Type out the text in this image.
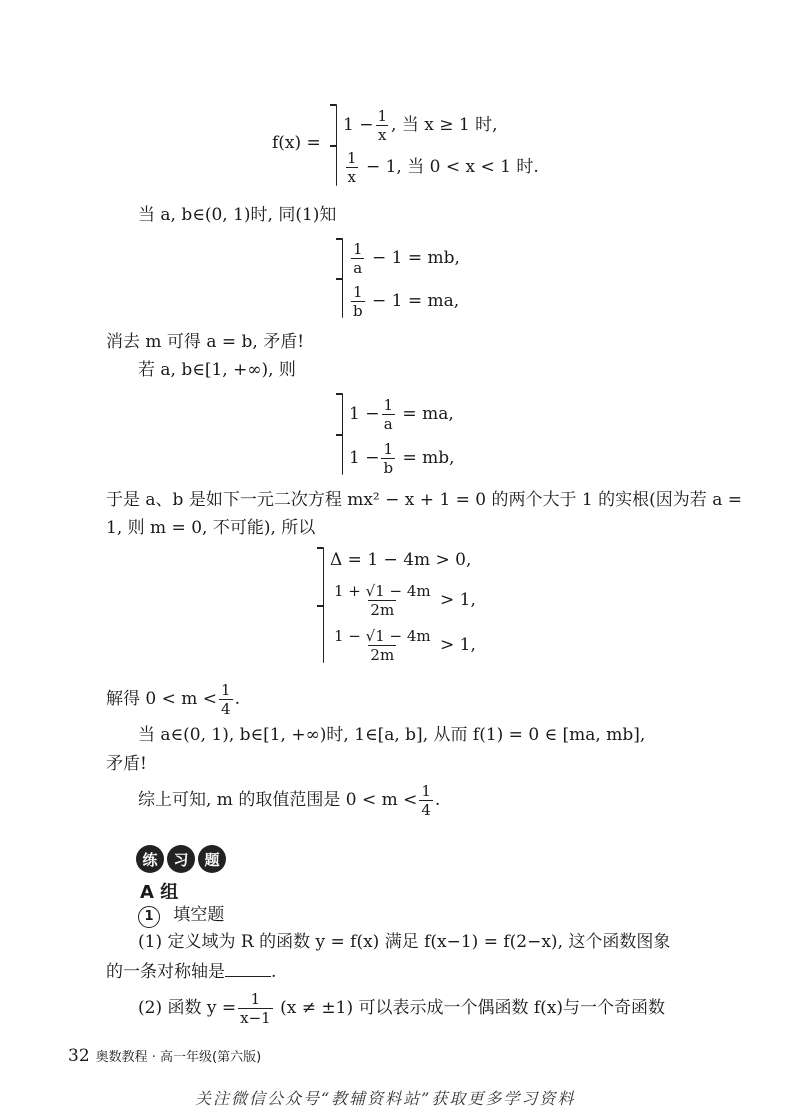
f(x) =
$1 - \frac{1}{x}$ , 当 x ≥ 1 时,
$\frac{1}{x} - 1$, 当 0 < x < 1 时.
当 a, b∈(0, 1)时, 同(1)知
$\frac{1}{a} - 1$ = mb,
$\frac{1}{b} - 1$ = ma,
消去 m 可得 a = b, 矛盾!
若 a, b∈[1, +∞), 则
$1 - \frac{1}{a}$ = ma,
$1 - \frac{1}{b}$ = mb,
于是 a、b 是如下一元二次方程 mx² − x + 1 = 0 的两个大于 1 的实根(因为若 a =
1, 则 m = 0, 不可能), 所以
Δ = 1 − 4m > 0,
$\frac{1 + √1 - 4m}{2m} > 1$,
$\frac{1 - √1 - 4m}{2m} > 1$,
解得 $0 < m < \frac{1}{4}$ .
当 a∈(0, 1), b∈[1, +∞)时, 1∈[a, b], 从而 f(1) = 0 ∈ [ma, mb],
矛盾!
综上可知, m 的取值范围是 $0 < m < \frac{1}{4}$ .
练 习 题
A 组
1 填空题
(1) 定义域为 R 的函数 y = f(x) 满足 f(x−1) = f(2−x), 这个函数图象
的一条对称轴是	.
(2) 函数 $y = \frac{1}{x-1} (x \ne \pm 1)$ 可以表示成一个偶函数 f(x)与一个奇函数
32 奥数教程 · 高一年级(第六版)
关注微信公众号“教辅资料站”获取更多学习资料
